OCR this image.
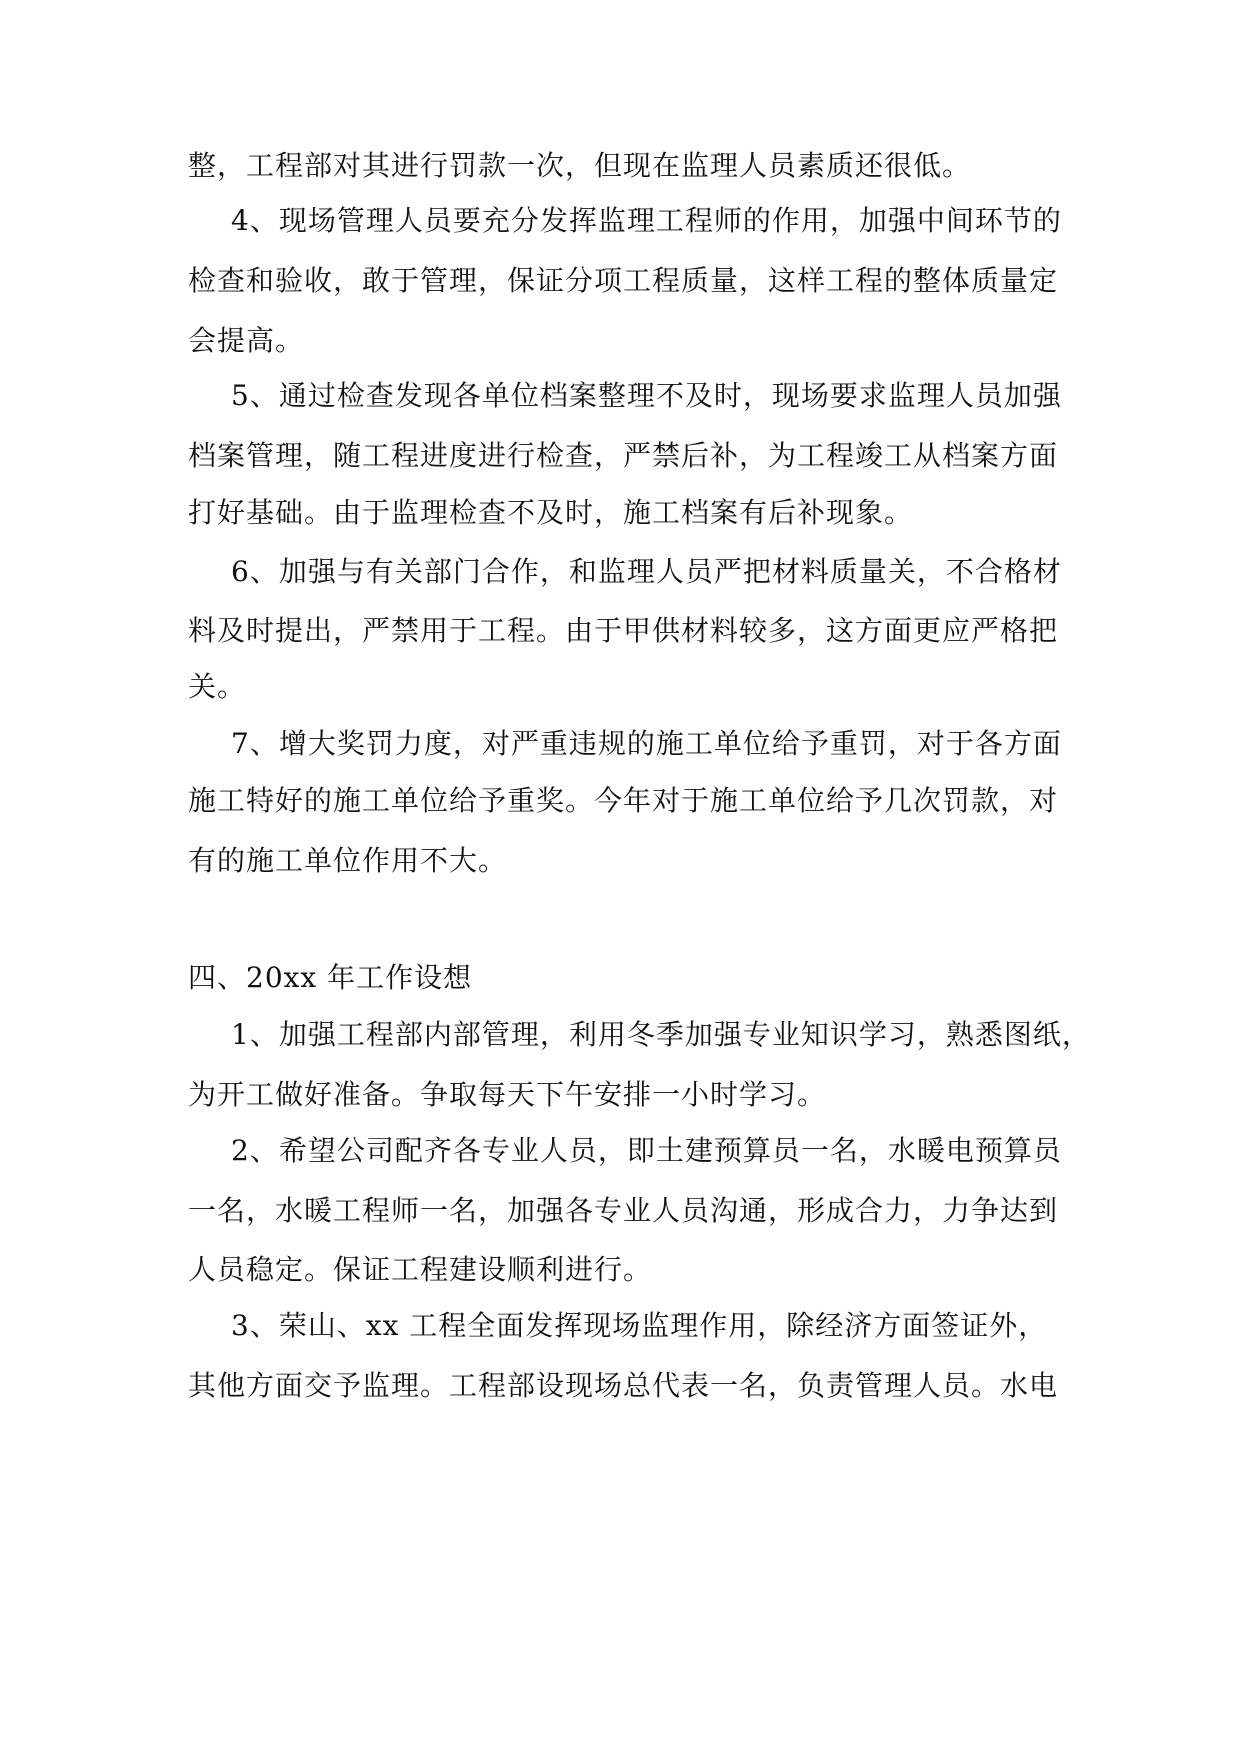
整，工程部对其进行罚款一次，但现在监理人员素质还很低。
4、现场管理人员要充分发挥监理工程师的作用，加强中间环节的
检查和验收，敢于管理，保证分项工程质量，这样工程的整体质量定
会提高。
5、通过检查发现各单位档案整理不及时，现场要求监理人员加强
档案管理，随工程进度进行检查，严禁后补，为工程竣工从档案方面
打好基础。由于监理检查不及时，施工档案有后补现象。
6、加强与有关部门合作，和监理人员严把材料质量关，不合格材
料及时提出，严禁用于工程。由于甲供材料较多，这方面更应严格把
关。
7、增大奖罚力度，对严重违规的施工单位给予重罚，对于各方面
施工特好的施工单位给予重奖。今年对于施工单位给予几次罚款，对
有的施工单位作用不大。
四、20xx 年工作设想
1、加强工程部内部管理，利用冬季加强专业知识学习，熟悉图纸，
为开工做好准备。争取每天下午安排一小时学习。
2、希望公司配齐各专业人员，即土建预算员一名，水暖电预算员
一名，水暖工程师一名，加强各专业人员沟通，形成合力，力争达到
人员稳定。保证工程建设顺利进行。
3、荣山、xx 工程全面发挥现场监理作用，除经济方面签证外，
其他方面交予监理。工程部设现场总代表一名，负责管理人员。水电
